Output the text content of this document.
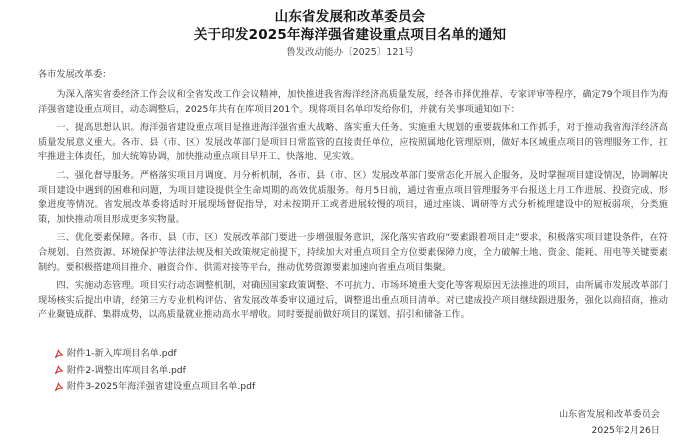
山东省发展和改革委员会
关于印发2025年海洋强省建设重点项目名单的通知
鲁发改动能办〔2025〕121号
各市发展改革委：

为深入落实省委经济工作会议和全省发改工作会议精神，加快推进我省海洋经济高质量发展，经各市择优推荐、专家评审等程序，确定79个项目作为海洋强省建设重点项目，动态调整后，2025年共有在库项目201个。现将项目名单印发给你们，并就有关事项通知如下：

一、提高思想认识。海洋强省建设重点项目是推进海洋强省重大战略、落实重大任务、实施重大规划的重要载体和工作抓手，对于推动我省海洋经济高质量发展意义重大。各市、县（市、区）发展改革部门是项目日常监管的直接责任单位，应按照属地化管理原则，做好本区域重点项目的管理服务工作，扛牢推进主体责任，加大统筹协调，加快推动重点项目早开工、快落地、见实效。

二、强化督导服务。严格落实项目月调度、月分析机制，各市、县（市、区）发展改革部门要常态化开展入企服务，及时掌握项目建设情况，协调解决项目建设中遇到的困难和问题，为项目建设提供全生命周期的高效优质服务。每月5日前，通过省重点项目管理服务平台报送上月工作进展、投资完成、形象进度等情况。省发展改革委将适时开展现场督促指导，对未按期开工或者进展较慢的项目，通过座谈、调研等方式分析梳理建设中的短板弱项，分类施策，加快推动项目形成更多实物量。

三、优化要素保障。各市、县（市、区）发展改革部门要进一步增强服务意识，深化落实省政府“要素跟着项目走”要求，积极落实项目建设条件，在符合规划、自然资源、环境保护等法律法规及相关政策规定前提下，持续加大对重点项目全方位要素保障力度，全力破解土地、资金、能耗、用电等关键要素制约。要积极搭建项目推介、融资合作、供需对接等平台，推动优势资源要素加速向省重点项目集聚。

四、实施动态管理。项目实行动态调整机制，对确因国家政策调整、不可抗力、市场环境重大变化等客观原因无法推进的项目，由所属市发展改革部门现场核实后提出申请，经第三方专业机构评估、省发展改革委审议通过后，调整退出重点项目清单。对已建成投产项目继续跟进服务，强化以商招商，推动产业聚链成群、集群成势，以高质量就业推动高水平增收。同时要提前做好项目的谋划、招引和储备工作。

附件1-新入库项目名单.pdf
附件2-调整出库项目名单.pdf
附件3-2025年海洋强省建设重点项目名单.pdf
山东省发展和改革委员会
2025年2月26日
